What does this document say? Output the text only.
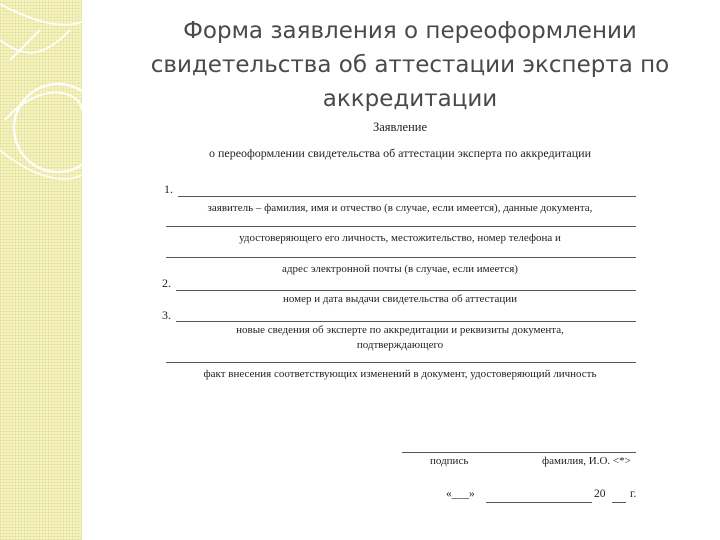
Форма заявления о переоформлении
свидетельства об аттестации эксперта по
аккредитации
Заявление
о переоформлении свидетельства об аттестации эксперта по аккредитации
1.
заявитель – фамилия, имя и отчество (в случае, если имеется), данные документа,
удостоверяющего его личность, местожительство, номер телефона и
адрес электронной почты (в случае, если имеется)
2.
номер и дата выдачи свидетельства об аттестации
3.
новые сведения об эксперте по аккредитации и реквизиты документа,
подтверждающего
факт внесения соответствующих изменений в документ, удостоверяющий личность
подпись	фамилия, И.О. <*>
«___»	20 г.
